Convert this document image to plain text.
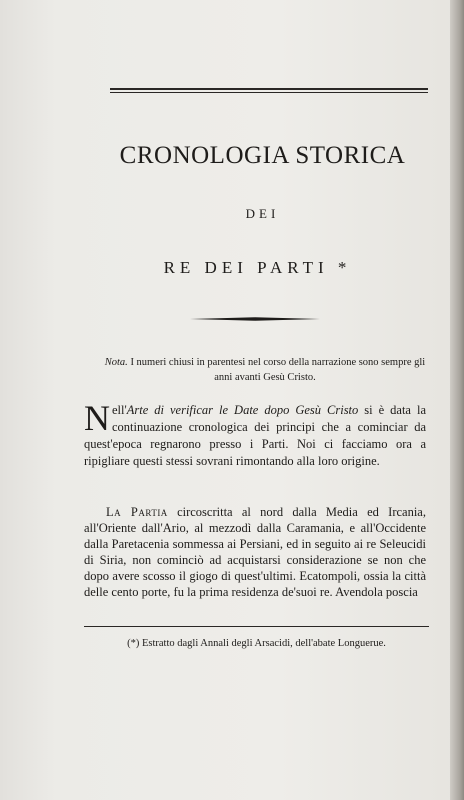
CRONOLOGIA STORICA
DEI
RE DEI PARTI *
Nota. I numeri chiusi in parentesi nel corso della narrazione sono sempre gli anni avanti Gesù Cristo.
Nell'Arte di verificar le Date dopo Gesù Cristo si è data la continuazione cronologica dei principi che a cominciar da quest'epoca regnarono presso i Parti. Noi ci facciamo ora a ripigliare questi stessi sovrani rimontando alla loro origine.
La Partia circoscritta al nord dalla Media ed Ircania, all'Oriente dall'Ario, al mezzodì dalla Caramania, e all'Occidente dalla Paretacenia sommessa ai Persiani, ed in seguito ai re Seleucidi di Siria, non cominciò ad acquistarsi considerazione se non che dopo avere scosso il giogo di quest'ultimi. Ecatompoli, ossia la città delle cento porte, fu la prima residenza de'suoi re. Avendola poscia
(*) Estratto dagli Annali degli Arsacidi, dell'abate Longuerue.
